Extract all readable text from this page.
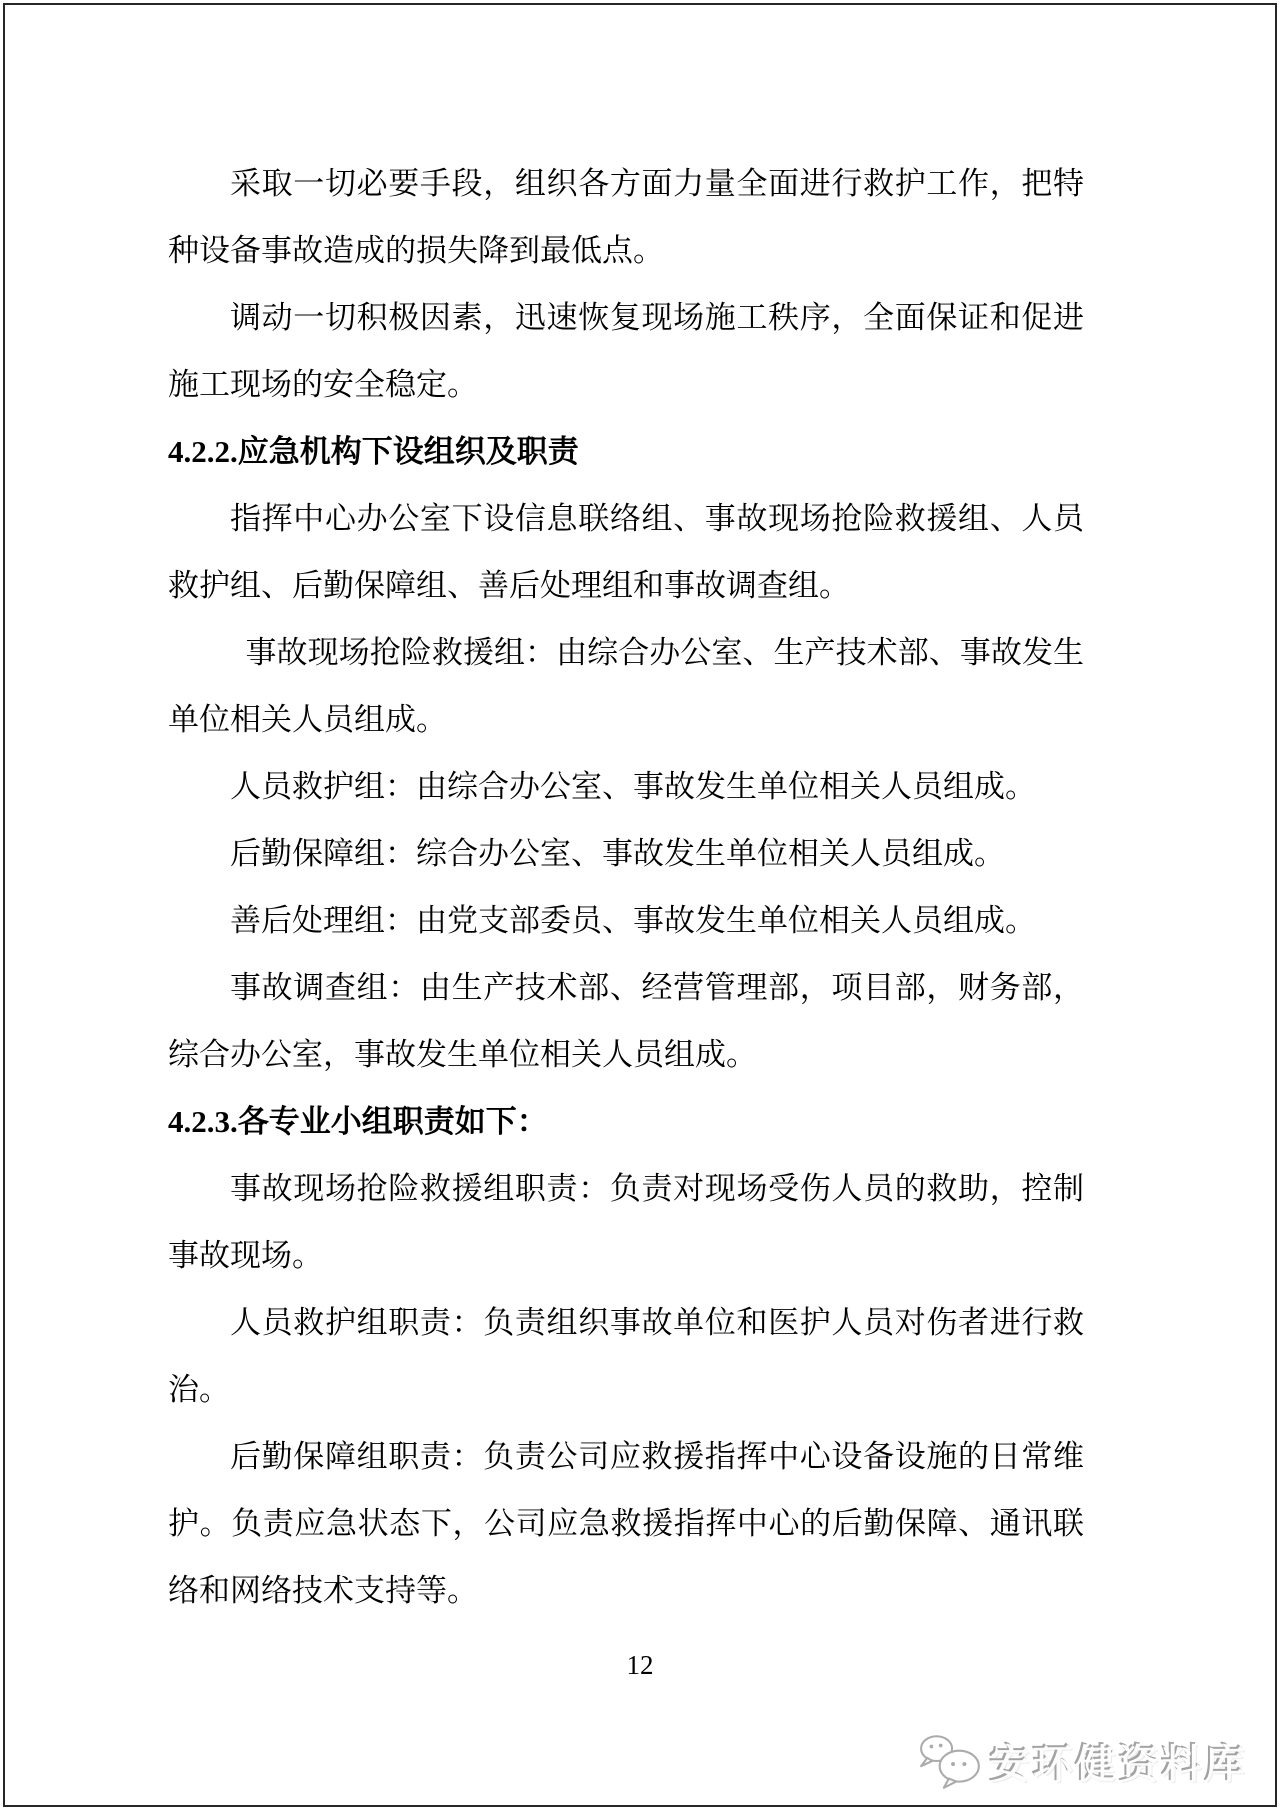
采取一切必要手段，组织各方面力量全面进行救护工作，把特种设备事故造成的损失降到最低点。

调动一切积极因素，迅速恢复现场施工秩序，全面保证和促进施工现场的安全稳定。

4.2.2.应急机构下设组织及职责

指挥中心办公室下设信息联络组、事故现场抢险救援组、人员救护组、后勤保障组、善后处理组和事故调查组。

事故现场抢险救援组：由综合办公室、生产技术部、事故发生单位相关人员组成。

人员救护组：由综合办公室、事故发生单位相关人员组成。

后勤保障组：综合办公室、事故发生单位相关人员组成。

善后处理组：由党支部委员、事故发生单位相关人员组成。

事故调查组：由生产技术部、经营管理部，项目部，财务部，综合办公室，事故发生单位相关人员组成。

4.2.3.各专业小组职责如下：

事故现场抢险救援组职责：负责对现场受伤人员的救助，控制事故现场。

人员救护组职责：负责组织事故单位和医护人员对伤者进行救治。

后勤保障组职责：负责公司应救援指挥中心设备设施的日常维护。负责应急状态下，公司应急救援指挥中心的后勤保障、通讯联络和网络技术支持等。

12
安环健资料库
